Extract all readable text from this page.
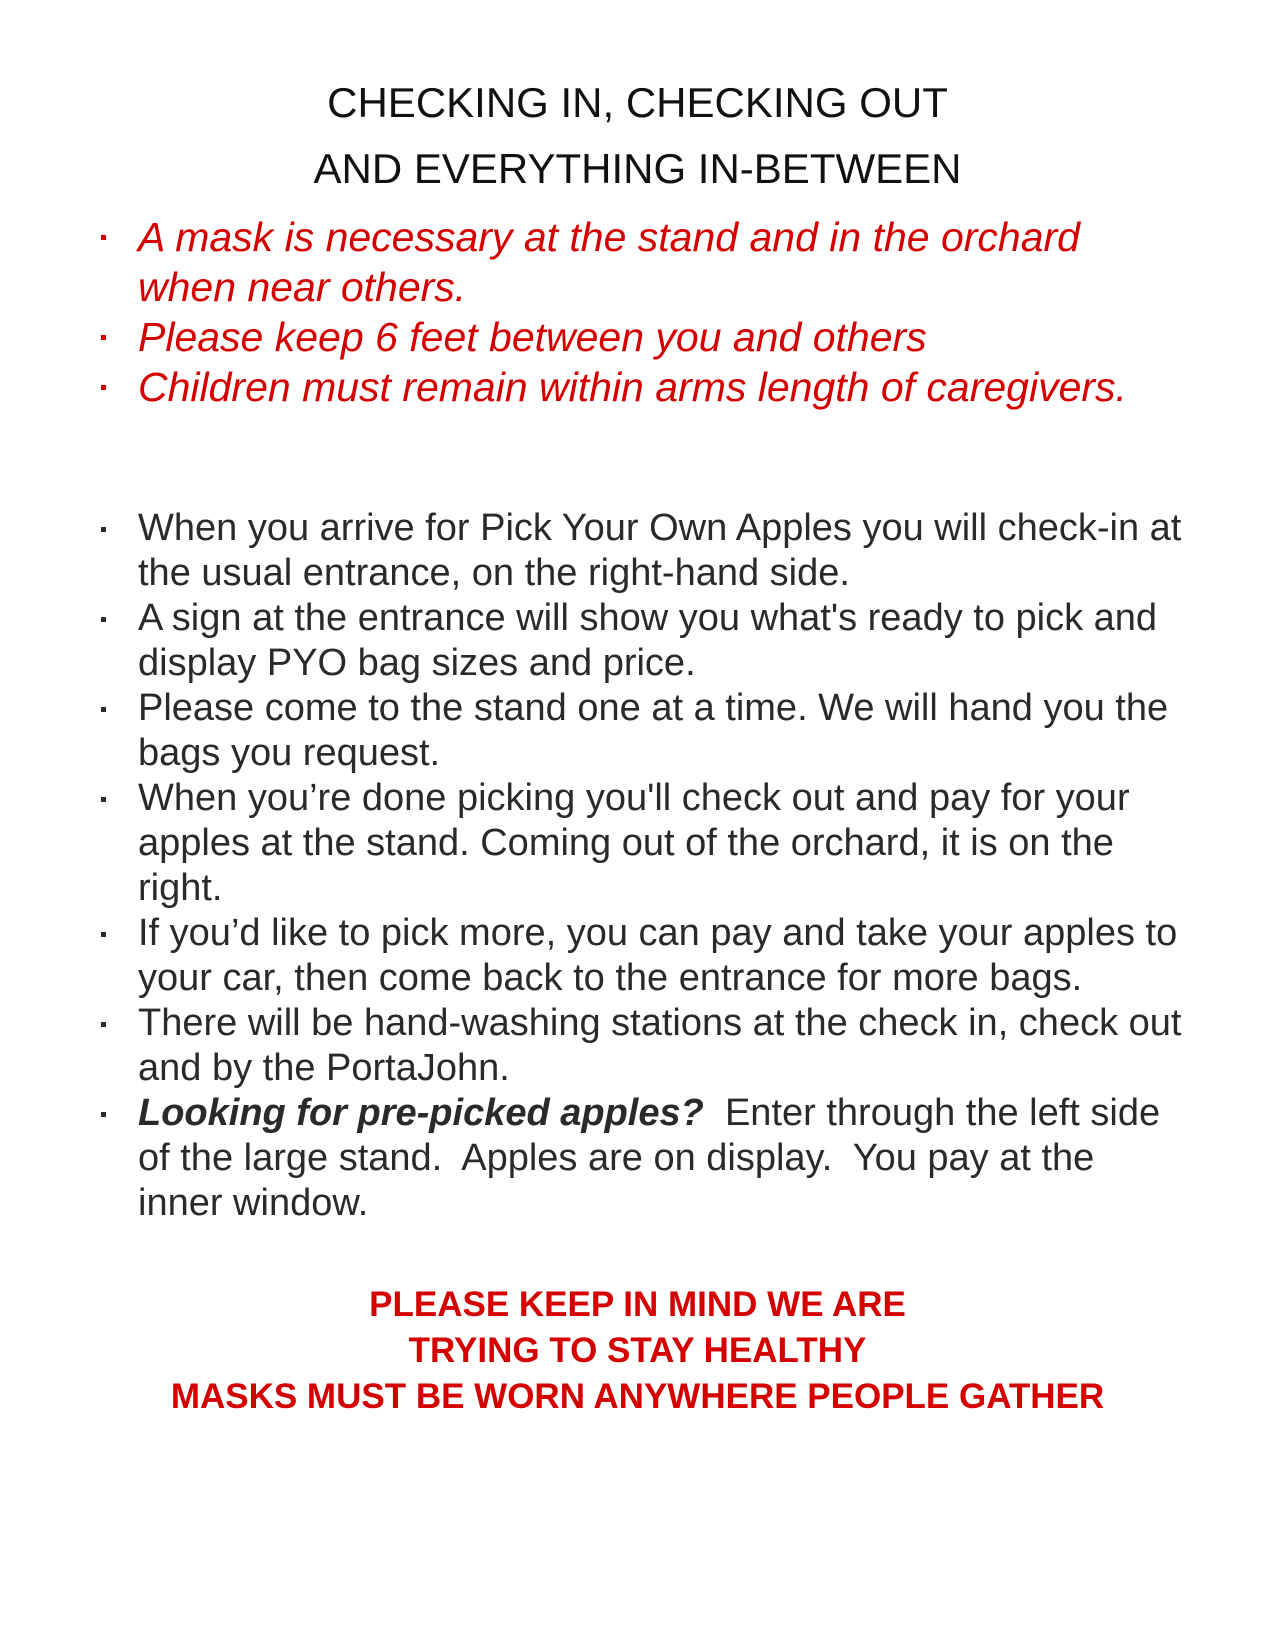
CHECKING IN, CHECKING OUT
AND EVERYTHING IN-BETWEEN
A mask is necessary at the stand and in the orchard when near others.
Please keep 6 feet between you and others
Children must remain within arms length of caregivers.
When you arrive for Pick Your Own Apples you will check-in at the usual entrance, on the right-hand side.
A sign at the entrance will show you what's ready to pick and display PYO bag sizes and price.
Please come to the stand one at a time. We will hand you the bags you request.
When you’re done picking you'll check out and pay for your apples at the stand. Coming out of the orchard, it is on the right.
If you’d like to pick more, you can pay and take your apples to your car, then come back to the entrance for more bags.
There will be hand-washing stations at the check in, check out and by the PortaJohn.
Looking for pre-picked apples?  Enter through the left side of the large stand.  Apples are on display.  You pay at the inner window.
PLEASE KEEP IN MIND WE ARE
TRYING TO STAY HEALTHY
MASKS MUST BE WORN ANYWHERE PEOPLE GATHER
